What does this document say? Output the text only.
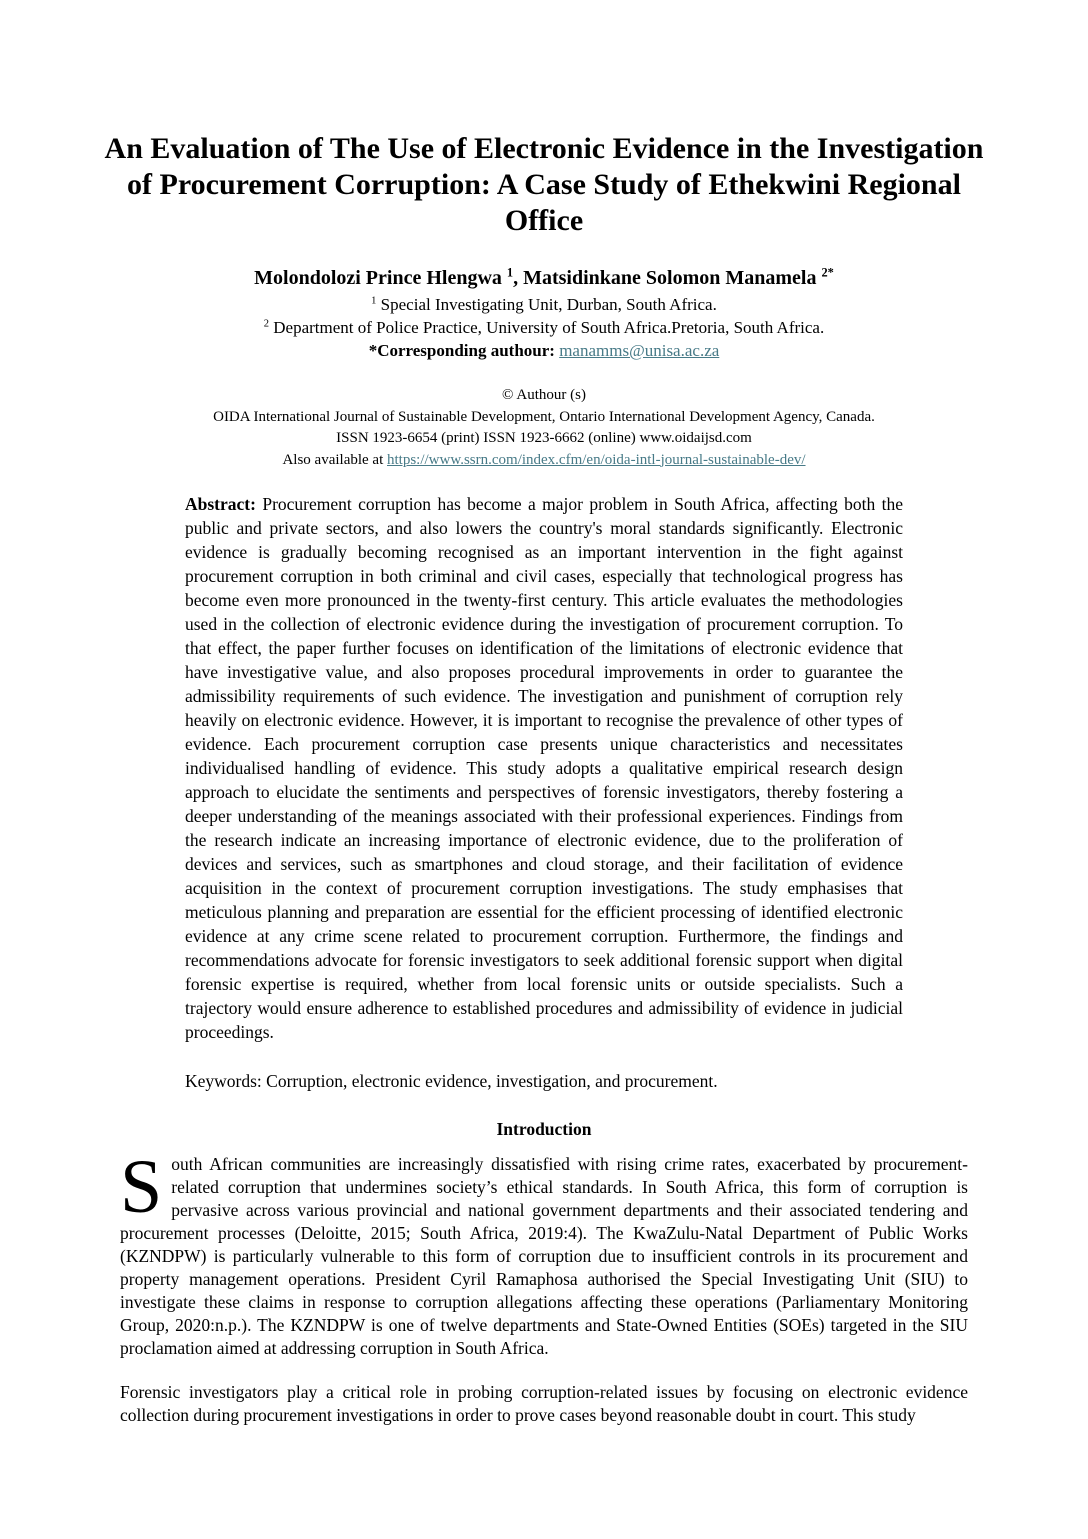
An Evaluation of The Use of Electronic Evidence in the Investigation of Procurement Corruption: A Case Study of Ethekwini Regional Office
Molondolozi Prince Hlengwa $^1$, Matsidinkane Solomon Manamela $^{2*}$
$^1$ Special Investigating Unit, Durban, South Africa.
$^2$ Department of Police Practice, University of South Africa.Pretoria, South Africa.
*Corresponding authour: manamms@unisa.ac.za
© Authour (s)
OIDA International Journal of Sustainable Development, Ontario International Development Agency, Canada.
ISSN 1923-6654 (print) ISSN 1923-6662 (online) www.oidaijsd.com
Also available at https://www.ssrn.com/index.cfm/en/oida-intl-journal-sustainable-dev/

Abstract: Procurement corruption has become a major problem in South Africa, affecting both the public and private sectors, and also lowers the country's moral standards significantly. Electronic evidence is gradually becoming recognised as an important intervention in the fight against procurement corruption in both criminal and civil cases, especially that technological progress has become even more pronounced in the twenty-first century. This article evaluates the methodologies used in the collection of electronic evidence during the investigation of procurement corruption. To that effect, the paper further focuses on identification of the limitations of electronic evidence that have investigative value, and also proposes procedural improvements in order to guarantee the admissibility requirements of such evidence. The investigation and punishment of corruption rely heavily on electronic evidence. However, it is important to recognise the prevalence of other types of evidence. Each procurement corruption case presents unique characteristics and necessitates individualised handling of evidence. This study adopts a qualitative empirical research design approach to elucidate the sentiments and perspectives of forensic investigators, thereby fostering a deeper understanding of the meanings associated with their professional experiences. Findings from the research indicate an increasing importance of electronic evidence, due to the proliferation of devices and services, such as smartphones and cloud storage, and their facilitation of evidence acquisition in the context of procurement corruption investigations. The study emphasises that meticulous planning and preparation are essential for the efficient processing of identified electronic evidence at any crime scene related to procurement corruption. Furthermore, the findings and recommendations advocate for forensic investigators to seek additional forensic support when digital forensic expertise is required, whether from local forensic units or outside specialists. Such a trajectory would ensure adherence to established procedures and admissibility of evidence in judicial proceedings.

Keywords: Corruption, electronic evidence, investigation, and procurement.

Introduction

South African communities are increasingly dissatisfied with rising crime rates, exacerbated by procurement-related corruption that undermines society’s ethical standards. In South Africa, this form of corruption is pervasive across various provincial and national government departments and their associated tendering and procurement processes (Deloitte, 2015; South Africa, 2019:4). The KwaZulu-Natal Department of Public Works (KZNDPW) is particularly vulnerable to this form of corruption due to insufficient controls in its procurement and property management operations. President Cyril Ramaphosa authorised the Special Investigating Unit (SIU) to investigate these claims in response to corruption allegations affecting these operations (Parliamentary Monitoring Group, 2020:n.p.). The KZNDPW is one of twelve departments and State-Owned Entities (SOEs) targeted in the SIU proclamation aimed at addressing corruption in South Africa.

Forensic investigators play a critical role in probing corruption-related issues by focusing on electronic evidence collection during procurement investigations in order to prove cases beyond reasonable doubt in court. This study
